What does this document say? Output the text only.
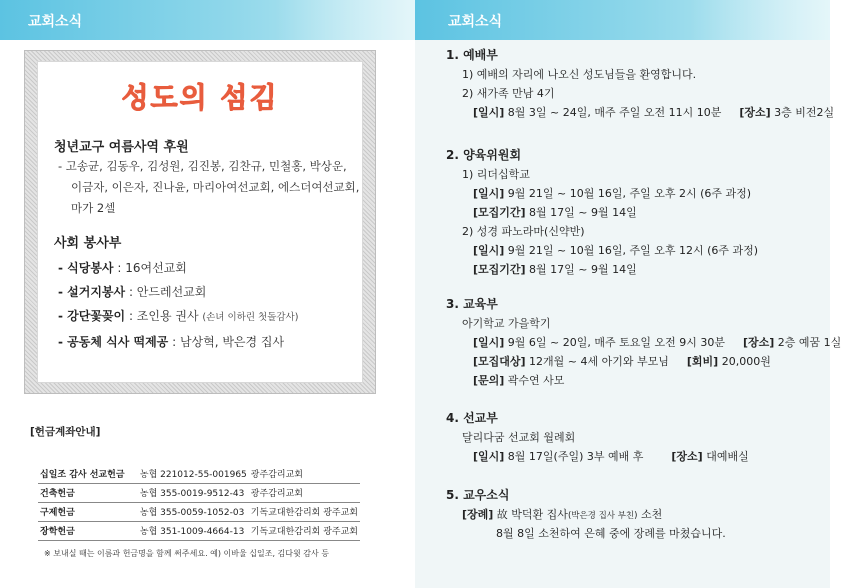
교회소식
성도의 섬김
청년교구 여름사역 후원
- 고송균, 김동우, 김성원, 김진봉, 김찬규, 민철홍, 박상운,
이금자, 이은자, 진나윤, 마리아여선교회, 에스더여선교회,
마가 2셀
사회 봉사부
- 식당봉사 : 16여선교회
- 설거지봉사 : 안드레선교회
- 강단꽃꽂이 : 조인용 권사 (손녀 이하린 첫돌감사)
- 공동체 식사 떡제공 : 남상혁, 박은경 집사
[헌금계좌안내]
십일조 감사 선교헌금	농협 221012-55-001965	광주감리교회
건축헌금	농협 355-0019-9512-43	광주감리교회
구제헌금	농협 355-0059-1052-03	기독교대한감리회 광주교회
장학헌금	농협 351-1009-4664-13	기독교대한감리회 광주교회
※ 보내실 때는 이름과 헌금명을 함께 써주세요. 예) 이바울 십일조, 김다윗 감사 등
교회소식
1. 예배부
1) 예배의 자리에 나오신 성도님들을 환영합니다.
2) 새가족 만남 4기
[일시] 8월 3일 ~ 24일, 매주 주일 오전 11시 10분 [장소] 3층 비전2실
2. 양육위원회
1) 리더십학교
[일시] 9월 21일 ~ 10월 16일, 주일 오후 2시 (6주 과정)
[모집기간] 8월 17일 ~ 9월 14일
2) 성경 파노라마(신약반)
[일시] 9월 21일 ~ 10월 16일, 주일 오후 12시 (6주 과정)
[모집기간] 8월 17일 ~ 9월 14일
3. 교육부
아기학교 가을학기
[일시] 9월 6일 ~ 20일, 매주 토요일 오전 9시 30분 [장소] 2층 예꿈 1실
[모집대상] 12개월 ~ 4세 아기와 부모님 [회비] 20,000원
[문의] 곽수연 사모
4. 선교부
달리다굼 선교회 월례회
[일시] 8월 17일(주일) 3부 예배 후	[장소] 대예배실
5. 교우소식
[장례] 故 박덕환 집사(박은경 집사 부친) 소천
8월 8일 소천하여 은혜 중에 장례를 마쳤습니다.
